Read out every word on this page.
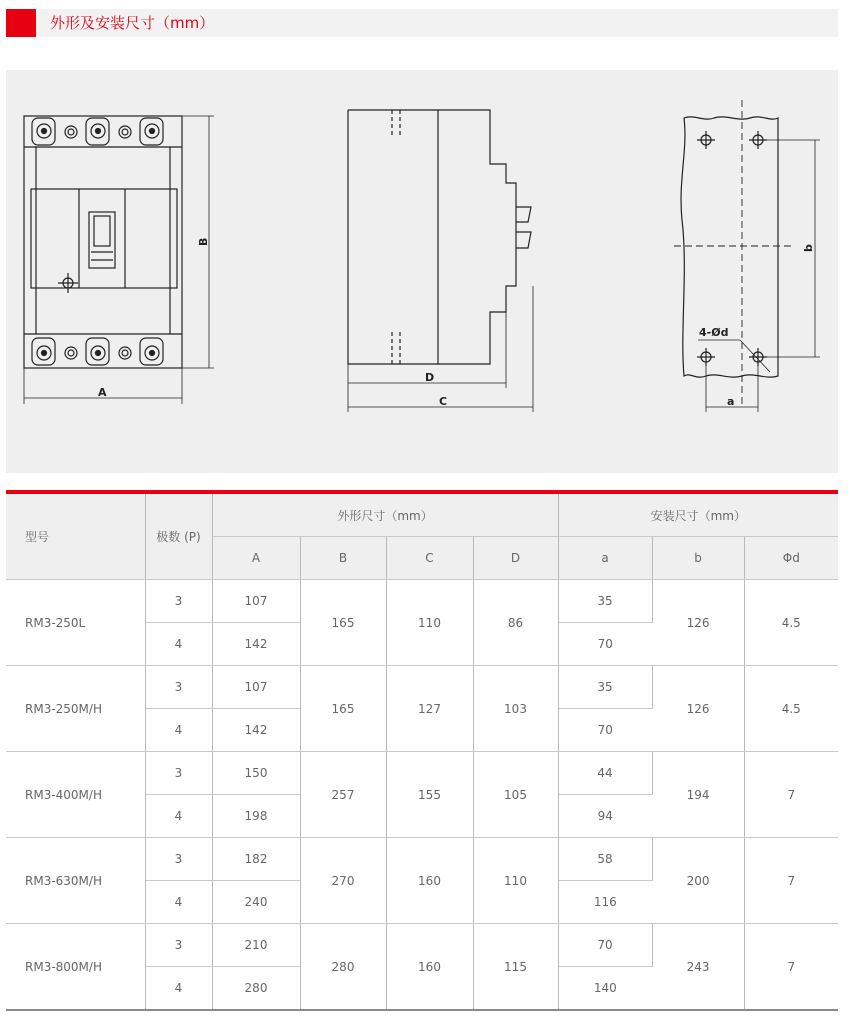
外形及安装尺寸（mm）
A
B
D
C	a
b
4-Ød
型号	极数 (P)	外形尺寸（mm）				安装尺寸（mm）		
		A	B	C	D	a	b	Φd
RM3-250L	3	107	165	110	86	35	126	4.5
	4	142				70		
RM3-250M/H	3	107	165	127	103	35	126	4.5
	4	142				70		
RM3-400M/H	3	150	257	155	105	44	194	7
	4	198				94		
RM3-630M/H	3	182	270	160	110	58	200	7
	4	240				116		
RM3-800M/H	3	210	280	160	115	70	243	7
	4	280				140		
